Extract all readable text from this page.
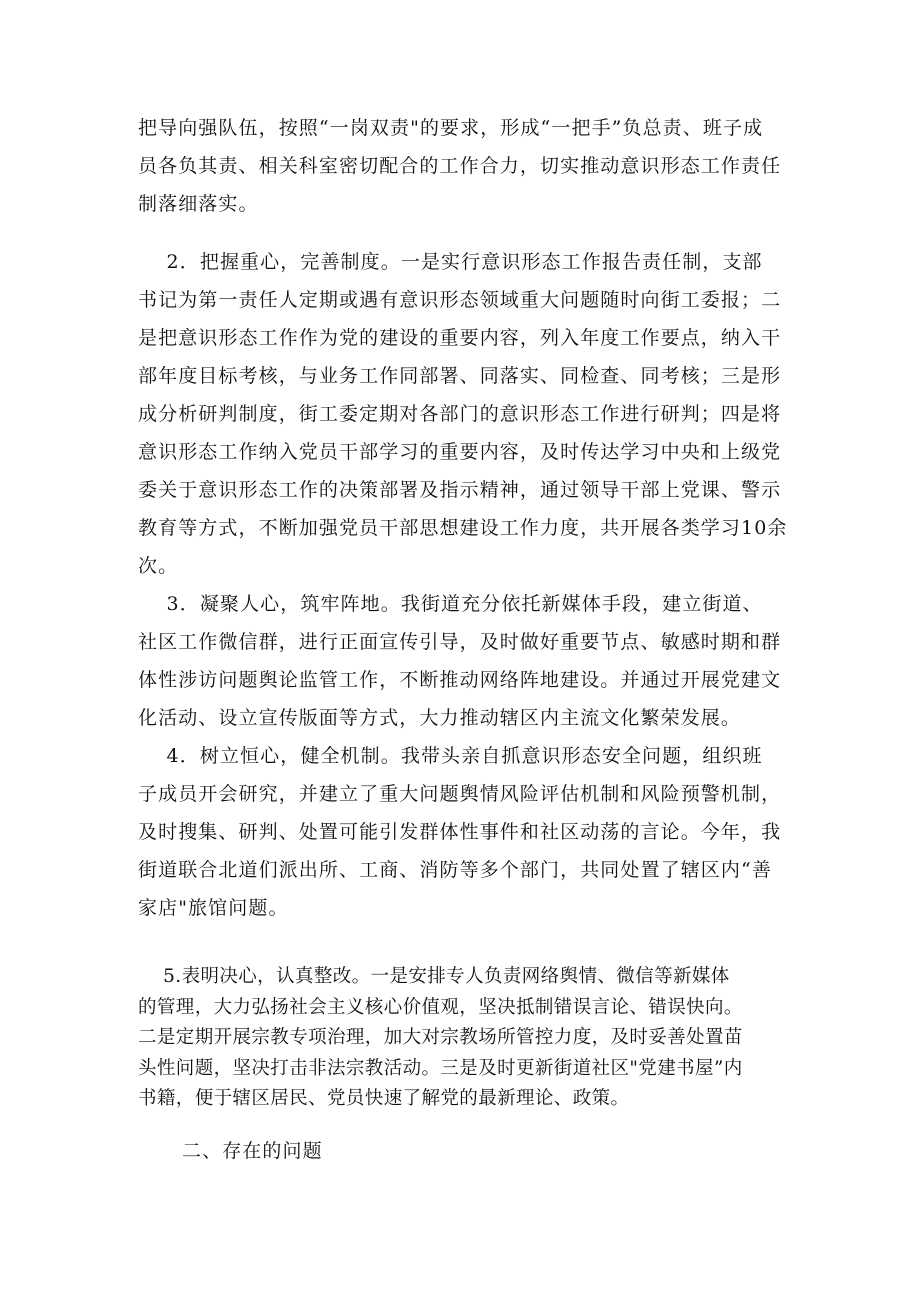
把导向强队伍，按照“一岗双责"的要求，形成“一把手”负总责、班子成
员各负其责、相关科室密切配合的工作合力，切实推动意识形态工作责任
制落细落实。
2．把握重心，完善制度。一是实行意识形态工作报告责任制，支部
书记为第一责任人定期或遇有意识形态领域重大问题随时向街工委报；二
是把意识形态工作作为党的建设的重要内容，列入年度工作要点，纳入干
部年度目标考核，与业务工作同部署、同落实、同检查、同考核；三是形
成分析研判制度，街工委定期对各部门的意识形态工作进行研判；四是将
意识形态工作纳入党员干部学习的重要内容，及时传达学习中央和上级党
委关于意识形态工作的决策部署及指示精神，通过领导干部上党课、警示
教育等方式，不断加强党员干部思想建设工作力度，共开展各类学习10余
次。
3．凝聚人心，筑牢阵地。我街道充分依托新媒体手段，建立街道、
社区工作微信群，进行正面宣传引导，及时做好重要节点、敏感时期和群
体性涉访问题舆论监管工作，不断推动网络阵地建设。并通过开展党建文
化活动、设立宣传版面等方式，大力推动辖区内主流文化繁荣发展。
4．树立恒心，健全机制。我带头亲自抓意识形态安全问题，组织班
子成员开会研究，并建立了重大问题舆情风险评估机制和风险预警机制，
及时搜集、研判、处置可能引发群体性事件和社区动荡的言论。今年，我
街道联合北道们派出所、工商、消防等多个部门，共同处置了辖区内“善
家店"旅馆问题。
5.表明决心，认真整改。一是安排专人负责网络舆情、微信等新媒体
的管理，大力弘扬社会主义核心价值观，坚决抵制错误言论、错误快向。
二是定期开展宗教专项治理，加大对宗教场所管控力度，及时妥善处置苗
头性问题，坚决打击非法宗教活动。三是及时更新街道社区"党建书屋”内
书籍，便于辖区居民、党员快速了解党的最新理论、政策。
二、存在的问题
